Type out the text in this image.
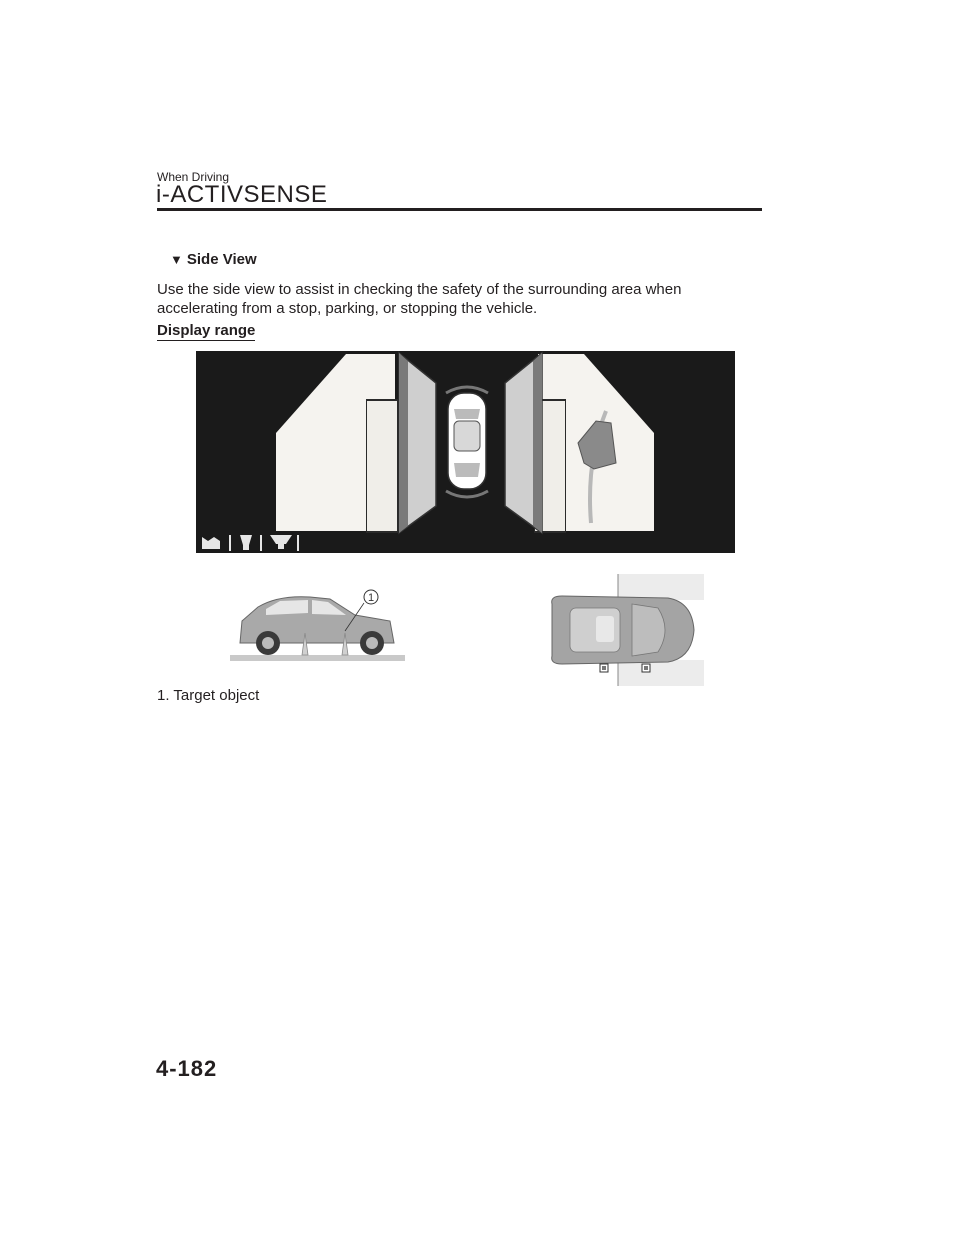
When Driving
i-ACTIVSENSE
▼ Side View
Use the side view to assist in checking the safety of the surrounding area when accelerating from a stop, parking, or stopping the vehicle.
Display range
1
1. Target object
4-182
